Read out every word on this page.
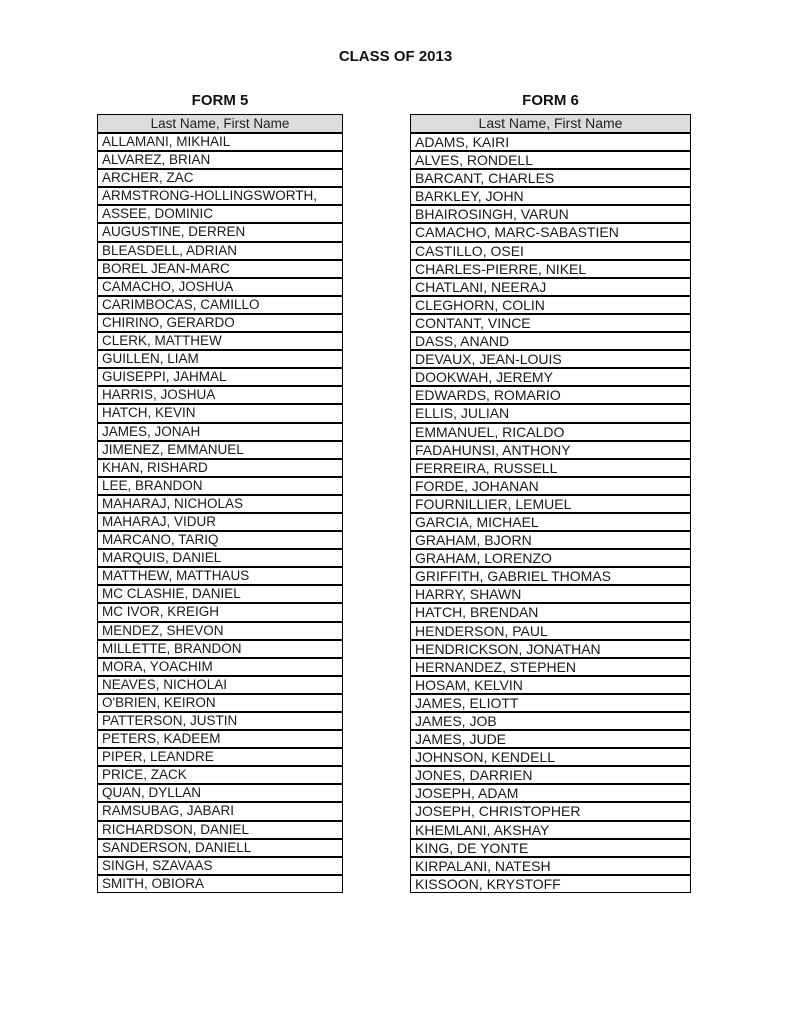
CLASS OF 2013
FORM 5
Last Name, First Name
ALLAMANI, MIKHAIL
ALVAREZ, BRIAN
ARCHER, ZAC
ARMSTRONG-HOLLINGSWORTH,
ASSEE, DOMINIC
AUGUSTINE, DERREN
BLEASDELL, ADRIAN
BOREL JEAN-MARC
CAMACHO, JOSHUA
CARIMBOCAS, CAMILLO
CHIRINO, GERARDO
CLERK, MATTHEW
GUILLEN, LIAM
GUISEPPI, JAHMAL
HARRIS, JOSHUA
HATCH, KEVIN
JAMES, JONAH
JIMENEZ, EMMANUEL
KHAN, RISHARD
LEE, BRANDON
MAHARAJ, NICHOLAS
MAHARAJ, VIDUR
MARCANO, TARIQ
MARQUIS, DANIEL
MATTHEW, MATTHAUS
MC CLASHIE, DANIEL
MC IVOR, KREIGH
MENDEZ, SHEVON
MILLETTE, BRANDON
MORA, YOACHIM
NEAVES, NICHOLAI
O'BRIEN, KEIRON
PATTERSON, JUSTIN
PETERS, KADEEM
PIPER, LEANDRE
PRICE, ZACK
QUAN, DYLLAN
RAMSUBAG, JABARI
RICHARDSON, DANIEL
SANDERSON, DANIELL
SINGH, SZAVAAS
SMITH, OBIORA
FORM 6
Last Name, First Name
ADAMS, KAIRI
ALVES, RONDELL
BARCANT, CHARLES
BARKLEY, JOHN
BHAIROSINGH, VARUN
CAMACHO, MARC-SABASTIEN
CASTILLO, OSEI
CHARLES-PIERRE, NIKEL
CHATLANI, NEERAJ
CLEGHORN, COLIN
CONTANT, VINCE
DASS, ANAND
DEVAUX, JEAN-LOUIS
DOOKWAH, JEREMY
EDWARDS, ROMARIO
ELLIS, JULIAN
EMMANUEL, RICALDO
FADAHUNSI, ANTHONY
FERREIRA, RUSSELL
FORDE, JOHANAN
FOURNILLIER, LEMUEL
GARCIA, MICHAEL
GRAHAM, BJORN
GRAHAM, LORENZO
GRIFFITH, GABRIEL THOMAS
HARRY, SHAWN
HATCH, BRENDAN
HENDERSON, PAUL
HENDRICKSON, JONATHAN
HERNANDEZ, STEPHEN
HOSAM, KELVIN
JAMES, ELIOTT
JAMES, JOB
JAMES, JUDE
JOHNSON, KENDELL
JONES, DARRIEN
JOSEPH, ADAM
JOSEPH, CHRISTOPHER
KHEMLANI, AKSHAY
KING, DE YONTE
KIRPALANI, NATESH
KISSOON, KRYSTOFF
